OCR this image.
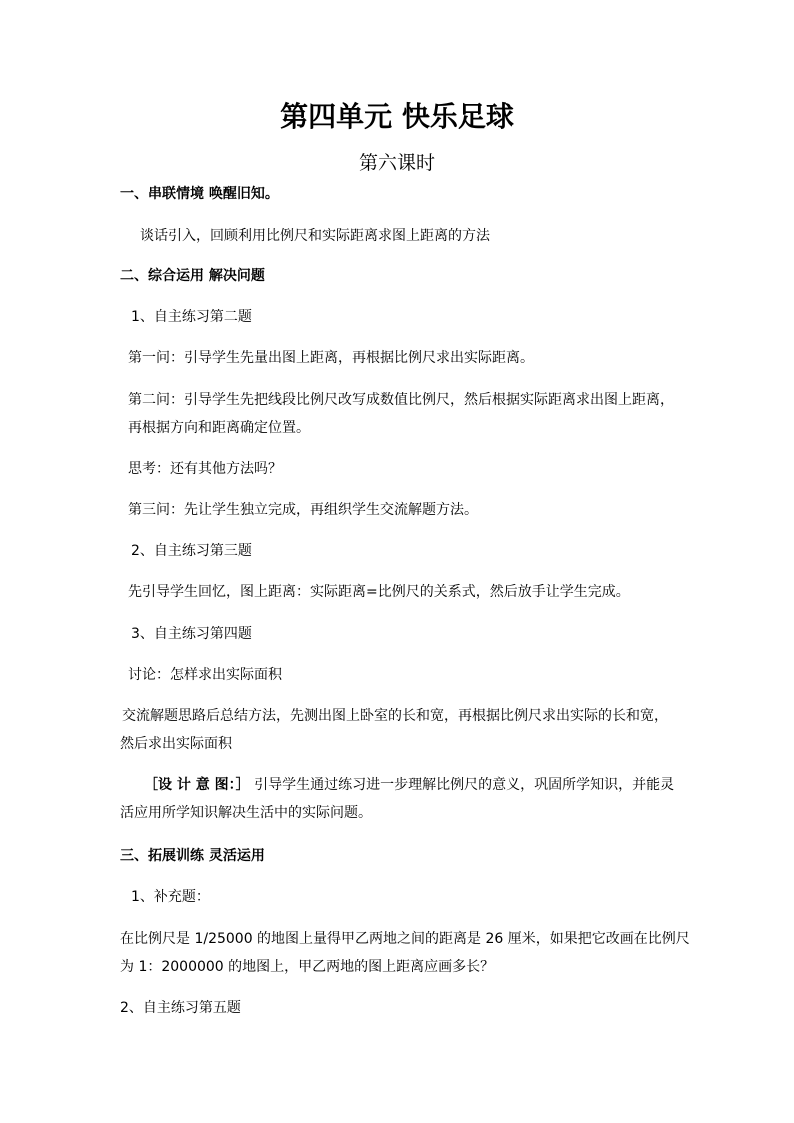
第四单元 快乐足球
第六课时
一、串联情境 唤醒旧知。
谈话引入，回顾利用比例尺和实际距离求图上距离的方法
二、综合运用 解决问题
1、自主练习第二题
第一问：引导学生先量出图上距离，再根据比例尺求出实际距离。
第二问：引导学生先把线段比例尺改写成数值比例尺，然后根据实际距离求出图上距离，
再根据方向和距离确定位置。
思考：还有其他方法吗？
第三问：先让学生独立完成，再组织学生交流解题方法。
2、自主练习第三题
先引导学生回忆，图上距离：实际距离=比例尺的关系式，然后放手让学生完成。
3、自主练习第四题
讨论：怎样求出实际面积
交流解题思路后总结方法，先测出图上卧室的长和宽，再根据比例尺求出实际的长和宽，
然后求出实际面积
［设 计 意 图：］ 引导学生通过练习进一步理解比例尺的意义，巩固所学知识，并能灵
活应用所学知识解决生活中的实际问题。
三、拓展训练 灵活运用
1、补充题：
在比例尺是 1/25000 的地图上量得甲乙两地之间的距离是 26 厘米，如果把它改画在比例尺
为 1：2000000 的地图上，甲乙两地的图上距离应画多长？
2、自主练习第五题
